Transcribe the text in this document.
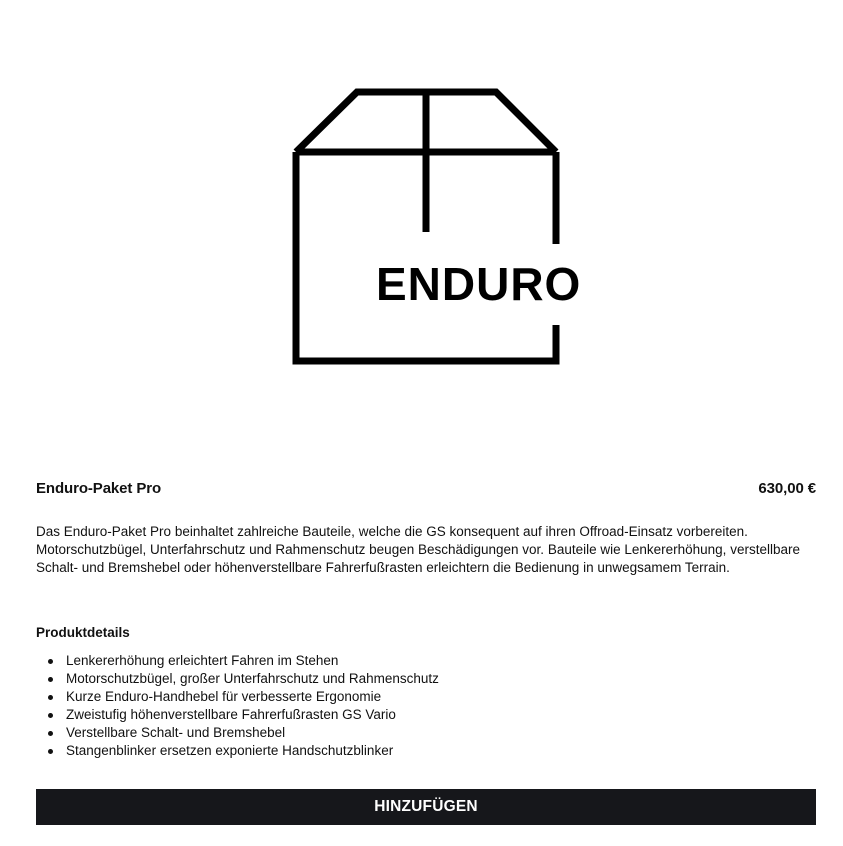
ENDURO
Enduro-Paket Pro	630,00 €

Das Enduro-Paket Pro beinhaltet zahlreiche Bauteile, welche die GS konsequent auf ihren Offroad-Einsatz vorbereiten. Motorschutzbügel, Unterfahrschutz und Rahmenschutz beugen Beschädigungen vor. Bauteile wie Lenkererhöhung, verstellbare Schalt- und Bremshebel oder höhenverstellbare Fahrerfußrasten erleichtern die Bedienung in unwegsamem Terrain.

Produktdetails
Lenkererhöhung erleichtert Fahren im Stehen
Motorschutzbügel, großer Unterfahrschutz und Rahmenschutz
Kurze Enduro-Handhebel für verbesserte Ergonomie
Zweistufig höhenverstellbare Fahrerfußrasten GS Vario
Verstellbare Schalt- und Bremshebel
Stangenblinker ersetzen exponierte Handschutzblinker
HINZUFÜGEN
